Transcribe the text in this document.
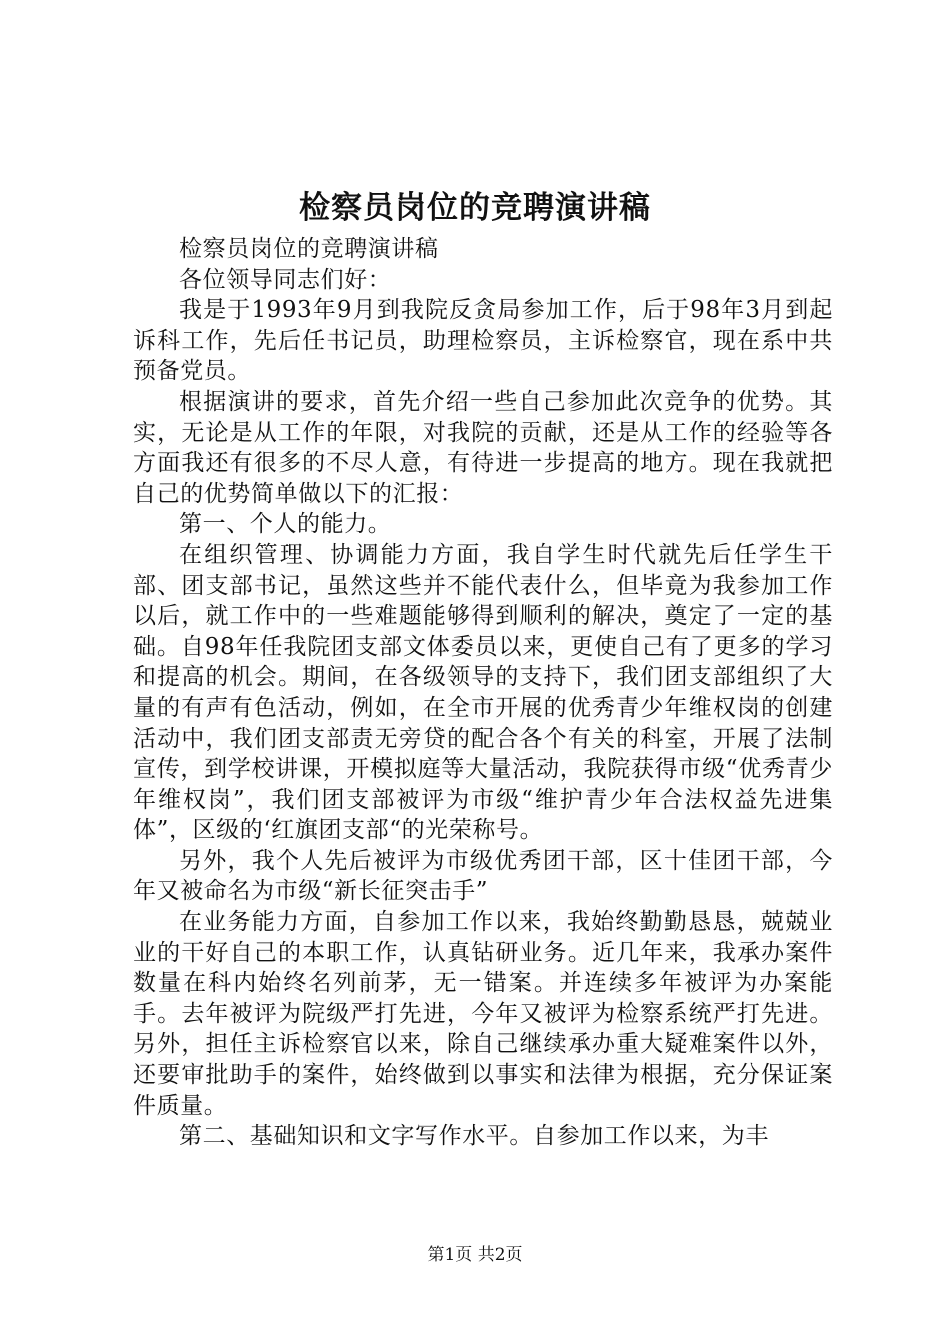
检察员岗位的竞聘演讲稿

检察员岗位的竞聘演讲稿

各位领导同志们好：

我是于1993年9月到我院反贪局参加工作，后于98年3月到起诉科工作，先后任书记员，助理检察员，主诉检察官，现在系中共预备党员。

根据演讲的要求，首先介绍一些自己参加此次竞争的优势。其实，无论是从工作的年限，对我院的贡献，还是从工作的经验等各方面我还有很多的不尽人意，有待进一步提高的地方。现在我就把自己的优势简单做以下的汇报：

第一、个人的能力。

在组织管理、协调能力方面，我自学生时代就先后任学生干部、团支部书记，虽然这些并不能代表什么，但毕竟为我参加工作以后，就工作中的一些难题能够得到顺利的解决，奠定了一定的基础。自98年任我院团支部文体委员以来，更使自己有了更多的学习和提高的机会。期间，在各级领导的支持下，我们团支部组织了大量的有声有色活动，例如，在全市开展的优秀青少年维权岗的创建活动中，我们团支部责无旁贷的配合各个有关的科室，开展了法制宣传，到学校讲课，开模拟庭等大量活动，我院获得市级“优秀青少年维权岗”，我们团支部被评为市级“维护青少年合法权益先进集体”，区级的‘红旗团支部“的光荣称号。

另外，我个人先后被评为市级优秀团干部，区十佳团干部，今年又被命名为市级“新长征突击手”

在业务能力方面，自参加工作以来，我始终勤勤恳恳，兢兢业业的干好自己的本职工作，认真钻研业务。近几年来，我承办案件数量在科内始终名列前茅，无一错案。并连续多年被评为办案能手。去年被评为院级严打先进，今年又被评为检察系统严打先进。另外，担任主诉检察官以来，除自己继续承办重大疑难案件以外，还要审批助手的案件，始终做到以事实和法律为根据，充分保证案件质量。

第二、基础知识和文字写作水平。自参加工作以来，为丰

第1页 共2页
